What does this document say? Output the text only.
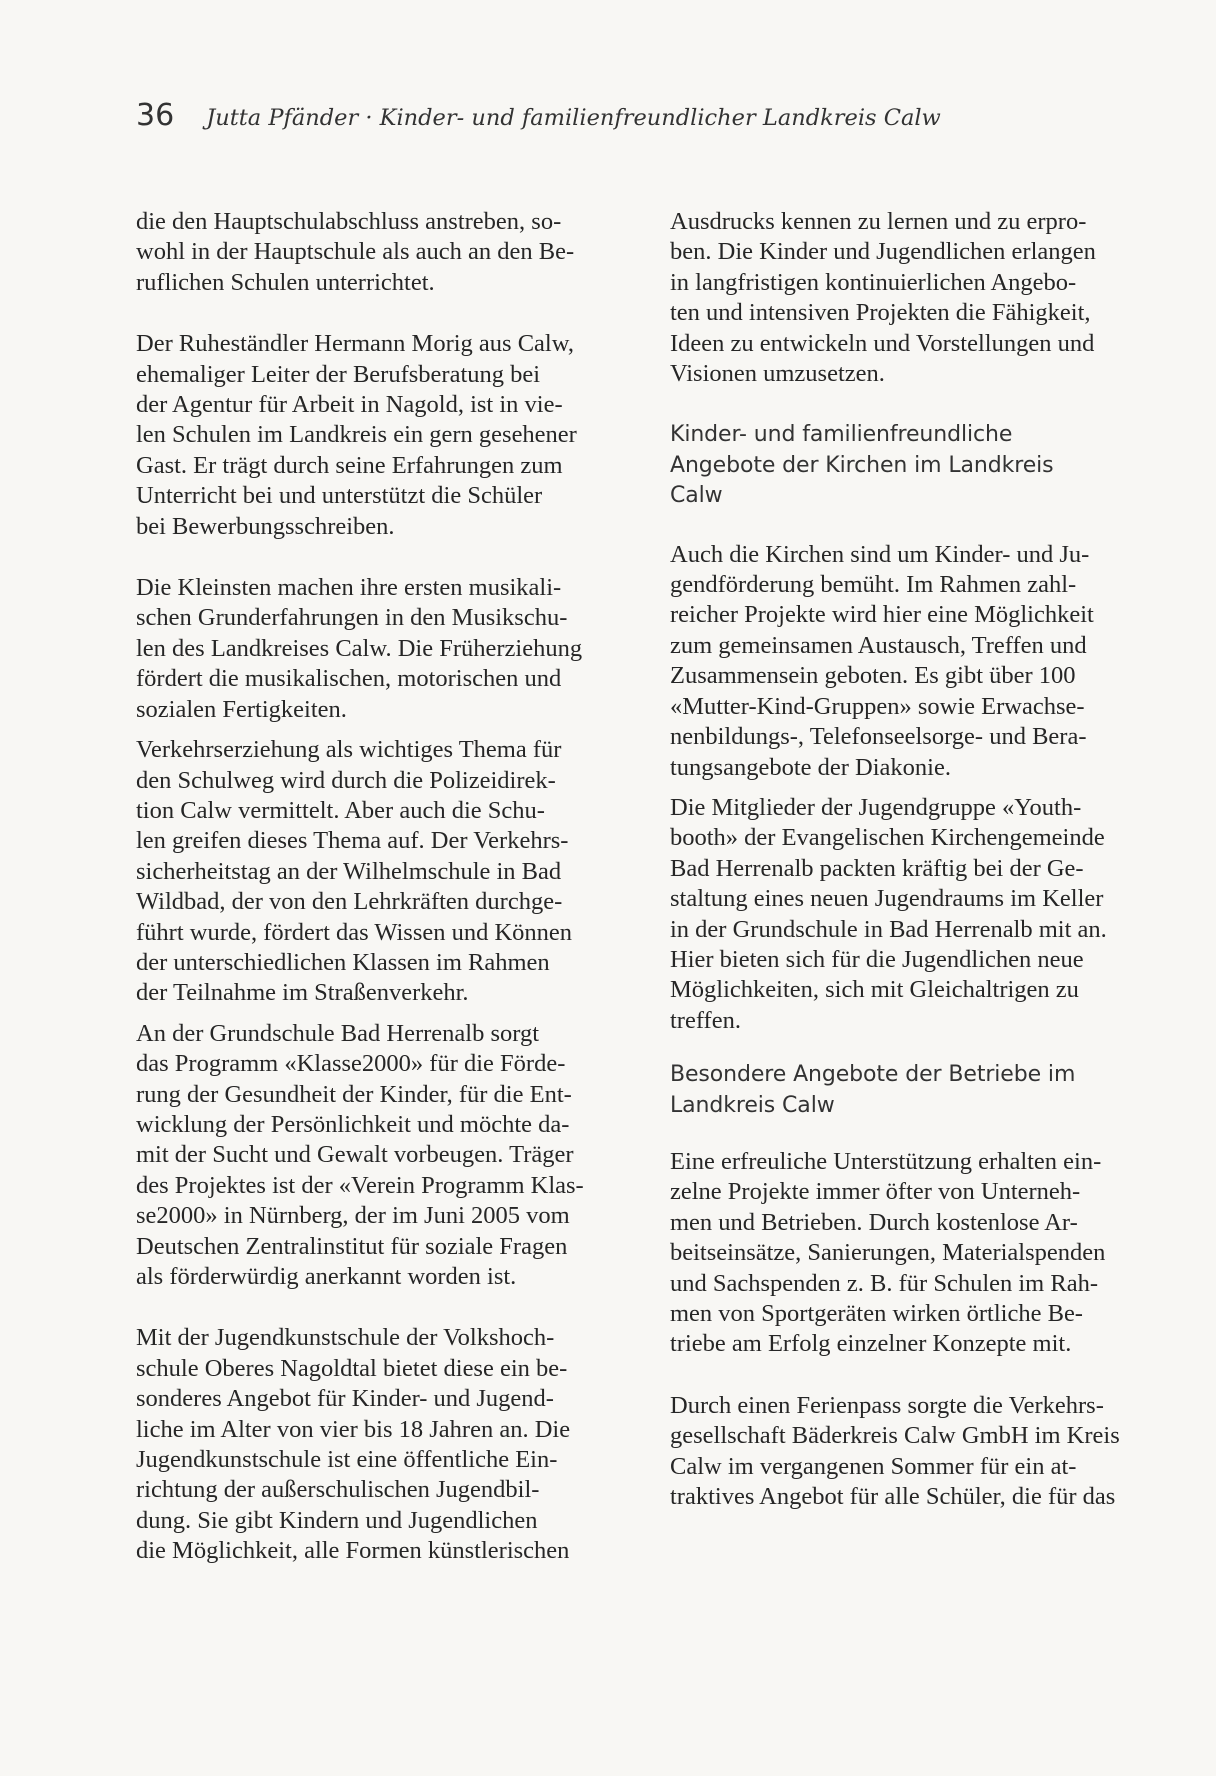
36 Jutta Pfänder · Kinder- und familienfreundlicher Landkreis Calw

die den Hauptschulabschluss anstreben, so-
wohl in der Hauptschule als auch an den Be-
ruflichen Schulen unterrichtet.

Der Ruheständler Hermann Morig aus Calw,
ehemaliger Leiter der Berufsberatung bei
der Agentur für Arbeit in Nagold, ist in vie-
len Schulen im Landkreis ein gern gesehener
Gast. Er trägt durch seine Erfahrungen zum
Unterricht bei und unterstützt die Schüler
bei Bewerbungsschreiben.

Die Kleinsten machen ihre ersten musikali-
schen Grunderfahrungen in den Musikschu-
len des Landkreises Calw. Die Früherziehung
fördert die musikalischen, motorischen und
sozialen Fertigkeiten.

Verkehrserziehung als wichtiges Thema für
den Schulweg wird durch die Polizeidirek-
tion Calw vermittelt. Aber auch die Schu-
len greifen dieses Thema auf. Der Verkehrs-
sicherheitstag an der Wilhelmschule in Bad
Wildbad, der von den Lehrkräften durchge-
führt wurde, fördert das Wissen und Können
der unterschiedlichen Klassen im Rahmen
der Teilnahme im Straßenverkehr.

An der Grundschule Bad Herrenalb sorgt
das Programm «Klasse2000» für die Förde-
rung der Gesundheit der Kinder, für die Ent-
wicklung der Persönlichkeit und möchte da-
mit der Sucht und Gewalt vorbeugen. Träger
des Projektes ist der «Verein Programm Klas-
se2000» in Nürnberg, der im Juni 2005 vom
Deutschen Zentralinstitut für soziale Fragen
als förderwürdig anerkannt worden ist.

Mit der Jugendkunstschule der Volkshoch-
schule Oberes Nagoldtal bietet diese ein be-
sonderes Angebot für Kinder- und Jugend-
liche im Alter von vier bis 18 Jahren an. Die
Jugendkunstschule ist eine öffentliche Ein-
richtung der außerschulischen Jugendbil-
dung. Sie gibt Kindern und Jugendlichen
die Möglichkeit, alle Formen künstlerischen

Ausdrucks kennen zu lernen und zu erpro-
ben. Die Kinder und Jugendlichen erlangen
in langfristigen kontinuierlichen Angebo-
ten und intensiven Projekten die Fähigkeit,
Ideen zu entwickeln und Vorstellungen und
Visionen umzusetzen.

Kinder- und familienfreundliche
Angebote der Kirchen im Landkreis
Calw

Auch die Kirchen sind um Kinder- und Ju-
gendförderung bemüht. Im Rahmen zahl-
reicher Projekte wird hier eine Möglichkeit
zum gemeinsamen Austausch, Treffen und
Zusammensein geboten. Es gibt über 100
«Mutter-Kind-Gruppen» sowie Erwachse-
nenbildungs-, Telefonseelsorge- und Bera-
tungsangebote der Diakonie.

Die Mitglieder der Jugendgruppe «Youth-
booth» der Evangelischen Kirchengemeinde
Bad Herrenalb packten kräftig bei der Ge-
staltung eines neuen Jugendraums im Keller
in der Grundschule in Bad Herrenalb mit an.
Hier bieten sich für die Jugendlichen neue
Möglichkeiten, sich mit Gleichaltrigen zu
treffen.

Besondere Angebote der Betriebe im
Landkreis Calw

Eine erfreuliche Unterstützung erhalten ein-
zelne Projekte immer öfter von Unterneh-
men und Betrieben. Durch kostenlose Ar-
beitseinsätze, Sanierungen, Materialspenden
und Sachspenden z. B. für Schulen im Rah-
men von Sportgeräten wirken örtliche Be-
triebe am Erfolg einzelner Konzepte mit.

Durch einen Ferienpass sorgte die Verkehrs-
gesellschaft Bäderkreis Calw GmbH im Kreis
Calw im vergangenen Sommer für ein at-
traktives Angebot für alle Schüler, die für das
